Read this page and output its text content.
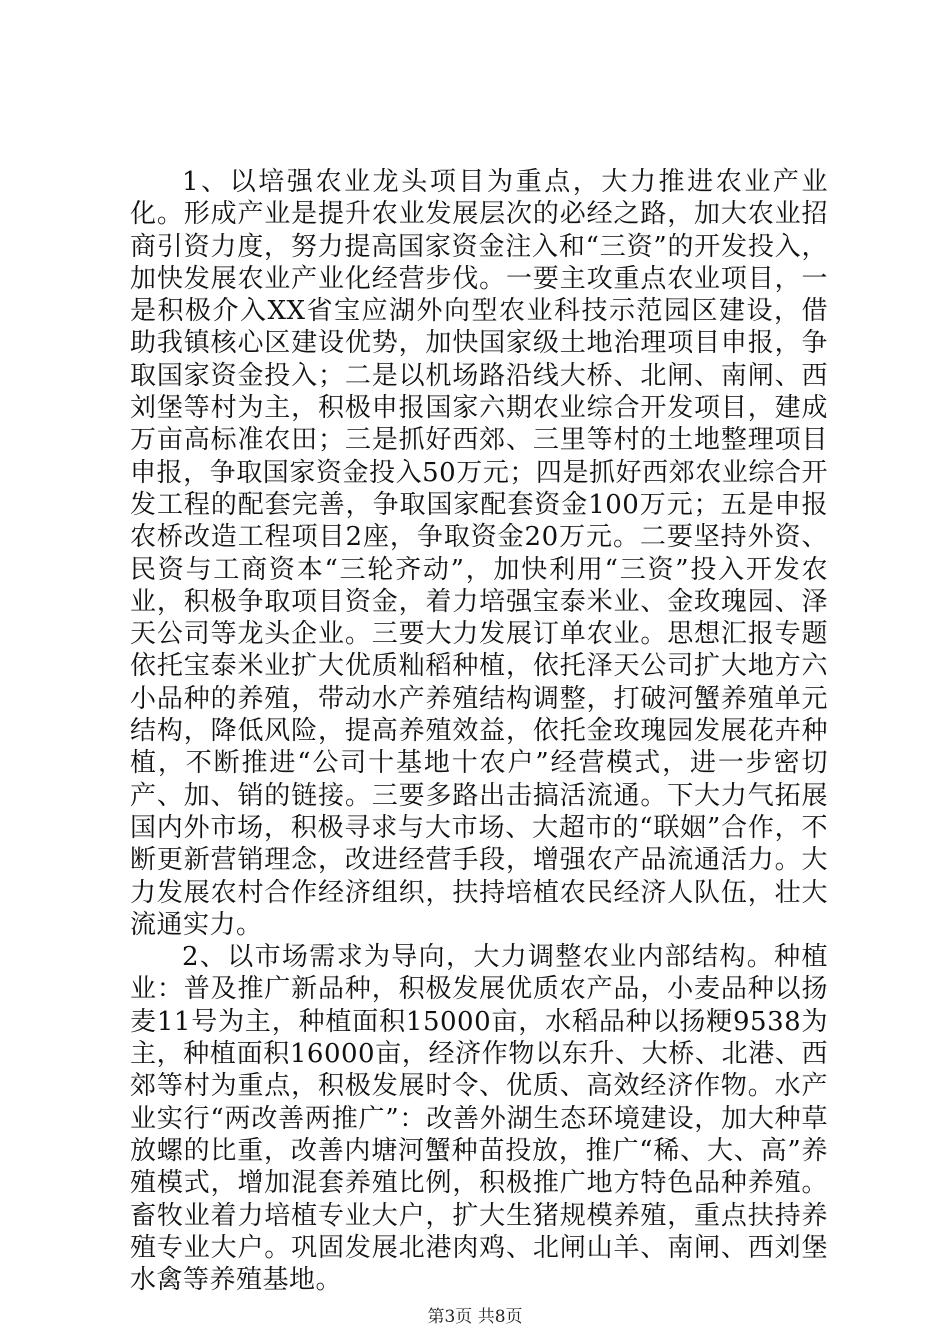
1、以培强农业龙头项目为重点，大力推进农业产业化。形成产业是提升农业发展层次的必经之路，加大农业招商引资力度，努力提高国家资金注入和“三资”的开发投入，加快发展农业产业化经营步伐。一要主攻重点农业项目，一是积极介入XX省宝应湖外向型农业科技示范园区建设，借助我镇核心区建设优势，加快国家级土地治理项目申报，争取国家资金投入；二是以机场路沿线大桥、北闸、南闸、西刘堡等村为主，积极申报国家六期农业综合开发项目，建成万亩高标准农田；三是抓好西郊、三里等村的土地整理项目申报，争取国家资金投入50万元；四是抓好西郊农业综合开发工程的配套完善，争取国家配套资金100万元；五是申报农桥改造工程项目2座，争取资金20万元。二要坚持外资、民资与工商资本“三轮齐动”，加快利用“三资”投入开发农业，积极争取项目资金，着力培强宝泰米业、金玫瑰园、泽天公司等龙头企业。三要大力发展订单农业。思想汇报专题依托宝泰米业扩大优质籼稻种植，依托泽天公司扩大地方六小品种的养殖，带动水产养殖结构调整，打破河蟹养殖单元结构，降低风险，提高养殖效益，依托金玫瑰园发展花卉种植，不断推进“公司十基地十农户”经营模式，进一步密切产、加、销的链接。三要多路出击搞活流通。下大力气拓展国内外市场，积极寻求与大市场、大超市的“联姻”合作，不断更新营销理念，改进经营手段，增强农产品流通活力。大力发展农村合作经济组织，扶持培植农民经济人队伍，壮大流通实力。

2、以市场需求为导向，大力调整农业内部结构。种植业：普及推广新品种，积极发展优质农产品，小麦品种以扬麦11号为主，种植面积15000亩，水稻品种以扬粳9538为主，种植面积16000亩，经济作物以东升、大桥、北港、西郊等村为重点，积极发展时令、优质、高效经济作物。水产业实行“两改善两推广”：改善外湖生态环境建设，加大种草放螺的比重，改善内塘河蟹种苗投放，推广“稀、大、高”养殖模式，增加混套养殖比例，积极推广地方特色品种养殖。畜牧业着力培植专业大户，扩大生猪规模养殖，重点扶持养殖专业大户。巩固发展北港肉鸡、北闸山羊、南闸、西刘堡水禽等养殖基地。

第3页 共8页
